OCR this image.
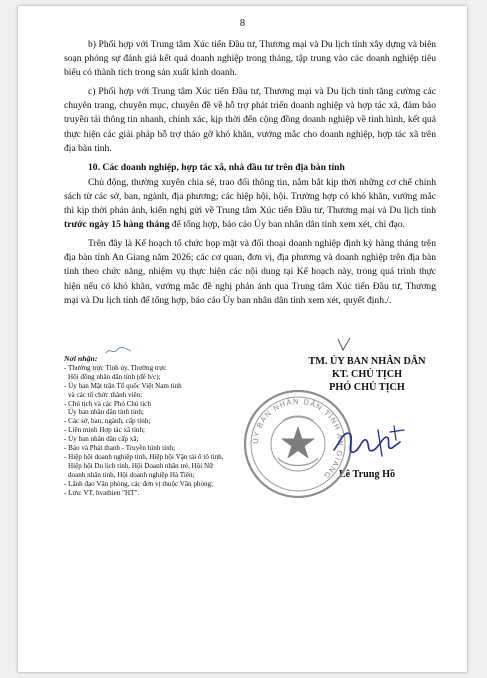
8

b) Phối hợp với Trung tâm Xúc tiến Đầu tư, Thương mại và Du lịch tỉnh xây dựng và biên soạn phóng sự đánh giá kết quả doanh nghiệp trong tháng, tập trung vào các doanh nghiệp tiêu biểu có thành tích trong sản xuất kinh doanh.

c) Phối hợp với Trung tâm Xúc tiến Đầu tư, Thương mại và Du lịch tỉnh tăng cường các chuyên trang, chuyên mục, chuyên đề về hỗ trợ phát triển doanh nghiệp và hợp tác xã, đảm bảo truyền tải thông tin nhanh, chính xác, kịp thời đến cộng đồng doanh nghiệp về tình hình, kết quả thực hiện các giải pháp hỗ trợ tháo gỡ khó khăn, vướng mắc cho doanh nghiệp, hợp tác xã trên địa bàn tỉnh.

10. Các doanh nghiệp, hợp tác xã, nhà đầu tư trên địa bàn tỉnh

Chủ động, thường xuyên chia sẻ, trao đổi thông tin, nắm bắt kịp thời những cơ chế chính sách từ các sở, ban, ngành, địa phương; các hiệp hội, hội. Trường hợp có khó khăn, vướng mắc thì kịp thời phản ánh, kiến nghị gửi về Trung tâm Xúc tiến Đầu tư, Thương mại và Du lịch tỉnh trước ngày 15 hàng tháng để tổng hợp, báo cáo Ủy ban nhân dân tỉnh xem xét, chỉ đạo.

Trên đây là Kế hoạch tổ chức họp mặt và đối thoại doanh nghiệp định kỳ hàng tháng trên địa bàn tỉnh An Giang năm 2026; các cơ quan, đơn vị, địa phương và doanh nghiệp trên địa bàn tỉnh theo chức năng, nhiệm vụ thực hiện các nội dung tại Kế hoạch này, trong quá trình thực hiện nếu có khó khăn, vướng mắc đề nghị phản ánh qua Trung tâm Xúc tiến Đầu tư, Thương mại và Du lịch tỉnh để tổng hợp, báo cáo Ủy ban nhân dân tỉnh xem xét, quyết định./.

Nơi nhận:
- Thường trực Tỉnh ủy, Thường trực
Hội đồng nhân dân tỉnh (để b/c);
- Ủy ban Mặt trận Tổ quốc Việt Nam tỉnh
và các tổ chức thành viên;
- Chủ tịch và các Phó Chủ tịch
Ủy ban nhân dân tỉnh tỉnh;
- Các sở, ban, ngành, cấp tỉnh;
- Liên minh Hợp tác xã tỉnh;
- Ủy ban nhân dân cấp xã;
- Báo và Phát thanh - Truyền hình tỉnh;
- Hiệp hội doanh nghiệp tỉnh, Hiệp hội Vận tải ô tô tỉnh,
Hiệp hội Du lịch tỉnh, Hội Doanh nhân trẻ, Hội Nữ
doanh nhân tỉnh, Hội doanh nghiệp Hà Tiên;
- Lãnh đạo Văn phòng, các đơn vị thuộc Văn phòng;
- Lưu: VT, hvathien "HT".
TM. ỦY BAN NHÂN DÂN
KT. CHỦ TỊCH
PHÓ CHỦ TỊCH
Lê Trung Hồ
ỦY BAN NHÂN DÂN TỈNH AN GIANG
